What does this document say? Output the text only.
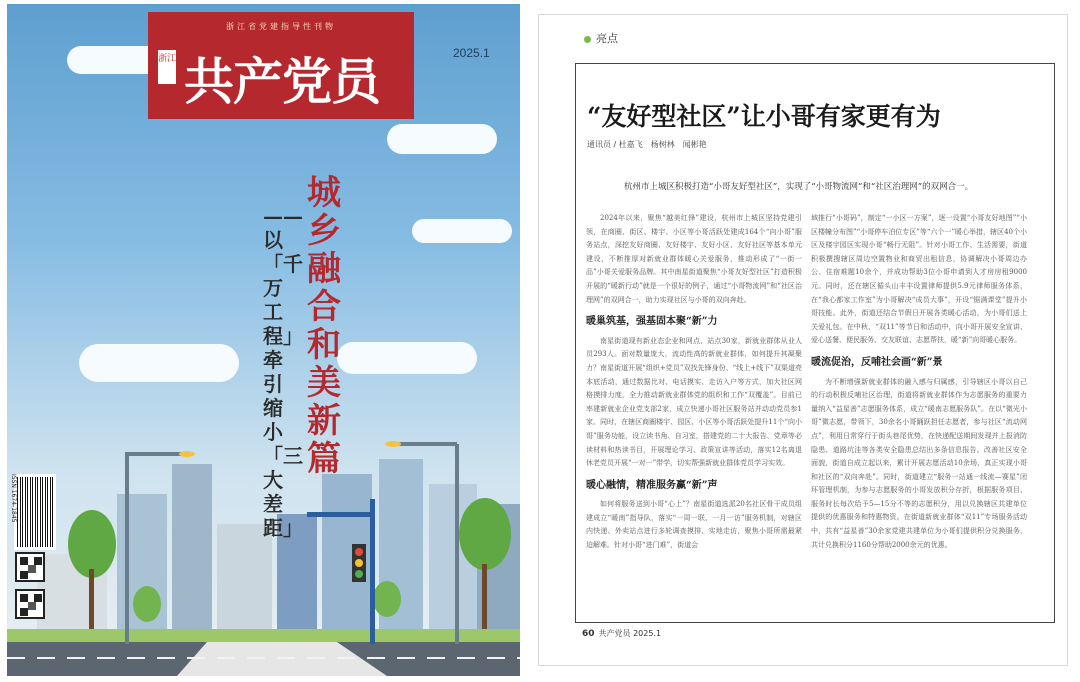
浙江省党建指导性刊物
浙江 共产党员	2025.1
城乡融合 和美新篇
——以「千万工程」牵引缩小「三大差距」
ISSN 1674-1845
亮点
“友好型社区”让小哥有家更有为
通讯员 / 杜嘉飞　杨树林　闻彬艳
杭州市上城区积极打造“小哥友好型社区”，实现了“小哥物流网”和“社区治理网”的双网合一。

2024年以来，聚焦“越美红锋”建设，杭州市上城区坚持党建引领，在商圈、街区、楼宇、小区等小哥活跃处建成164个“向小哥”服务站点，深挖友好商圈、友好楼宇、友好小区、友好社区等基本单元建设，不断推厚对新就业群体暖心关爱服务，推动形成了“一街一品”小哥关爱服务品牌。其中南星街道聚焦“小哥友好型社区”打造积极开展的“暖新行动”就是一个很好的例子，通过“小哥物流网”和“社区治理网”的双网合一，助力实现社区与小哥的双向奔赴。

暖巢筑基，强基固本聚“新”力

南星街道现有新业态企业和网点、站点30家，新就业群体从业人员293人。面对数量庞大，流动性高的新就业群体，如何提升其凝聚力？南星街道开展“组织+党员”双找先锋身份、“线上+线下”双渠道亮本底活动，通过数据比对、电话摸实、走访入户等方式，加大社区网格摸排力度，全力推动新就业群体党的组织和工作“双覆盖”。目前已率建新就业企业党支部2家，成立快递小哥社区服务站并动动党员参1家。同时，在辖区商圈楼宇、园区、小区等小哥活跃处提升11个“向小哥”服务功能，设立读书角、自习室，搭建党的二十大报告、党章等必读材料和热读书目，开展理论学习、政策宣讲等活动，落实12名离退休老党员开展“一对一”带学，切实帮强新就业群体党员学习实效。

暖心融情，精准服务赢“新”声

如何将服务送到小哥“心上”？南星街道选派20名社区骨干成员组建成立“暖南”指导队，落实“一周一联、一月一访”服务机制，对辖区内快递、外卖站点进行多轮调查摸排、实地走访，聚焦小哥所需最紧迫解难。针对小哥“进门难”，街道会

域推行“小哥码”，制定“一小区一方案”，逐一设置“小哥友好地图”“小区楼幢分布图”“小哥停车泊位专区”等“六个一”暖心举措，辖区40个小区及楼宇园区实现小哥“畅行无阻”。针对小哥工作、生活需要，街道积极撰搜辖区周边空置物业和商贸出租信息，协调解决小哥周边办公、住宿难题10余个，并成功帮助3位小哥申请到人才房房租9000元。同时，还在辖区循头山丰丰设置律师提供5.9元律师服务体系，在“我心都家工作室”为小哥解决“成员大事”，开设“锯满课堂”提升小哥技能。此外，街道还结合节假日开展各类暖心活动，为小哥们送上关爱礼包。在中秋、“双11”等节日和活动中，向小哥开展安全宣讲、爱心送餐、便民服务、交友联谊、志愿帮扶，暖“新”向哥暖心服务。

暖流促治，反哺社会画“新”景

为不断增强新就业群体的融入感与归属感，引导辖区小哥以自己的行动积极反哺社区治理，街道将新就业群体作为志愿服务的重要力量纳入“益星善”志愿服务体系，成立“暖南志愿服务队”。在以“微光小哥”微志愿，带领下，30余名小哥踊跃担任志愿者，参与社区“流动网点”，利用日常穿行于街头巷尾优势，在快递配送期间发现并上报消防隐患、道路坑洼等各类安全隐患总结出多条信息报告。改善社区安全面貌，街道自成立起以来，累计开展志愿活动10余场，真正实现小哥和社区的“双向奔赴”。同时，街道建立“服务一站通一线流—赛星”闭环管理机制，为参与志愿服务的小哥发放积分存折，根据服务项目、服务时长每次给予5—15分不等的志愿积分，用以兑换辖区共建单位提供的优惠服务和特惠物资。在街道新就业群体“双11”专场服务活动中，共有“益星善”30余家党建共建单位为小哥们提供积分兑换服务，共计兑换积分1160分帮助2000余元的优惠。

60 共产党员 2025.1
